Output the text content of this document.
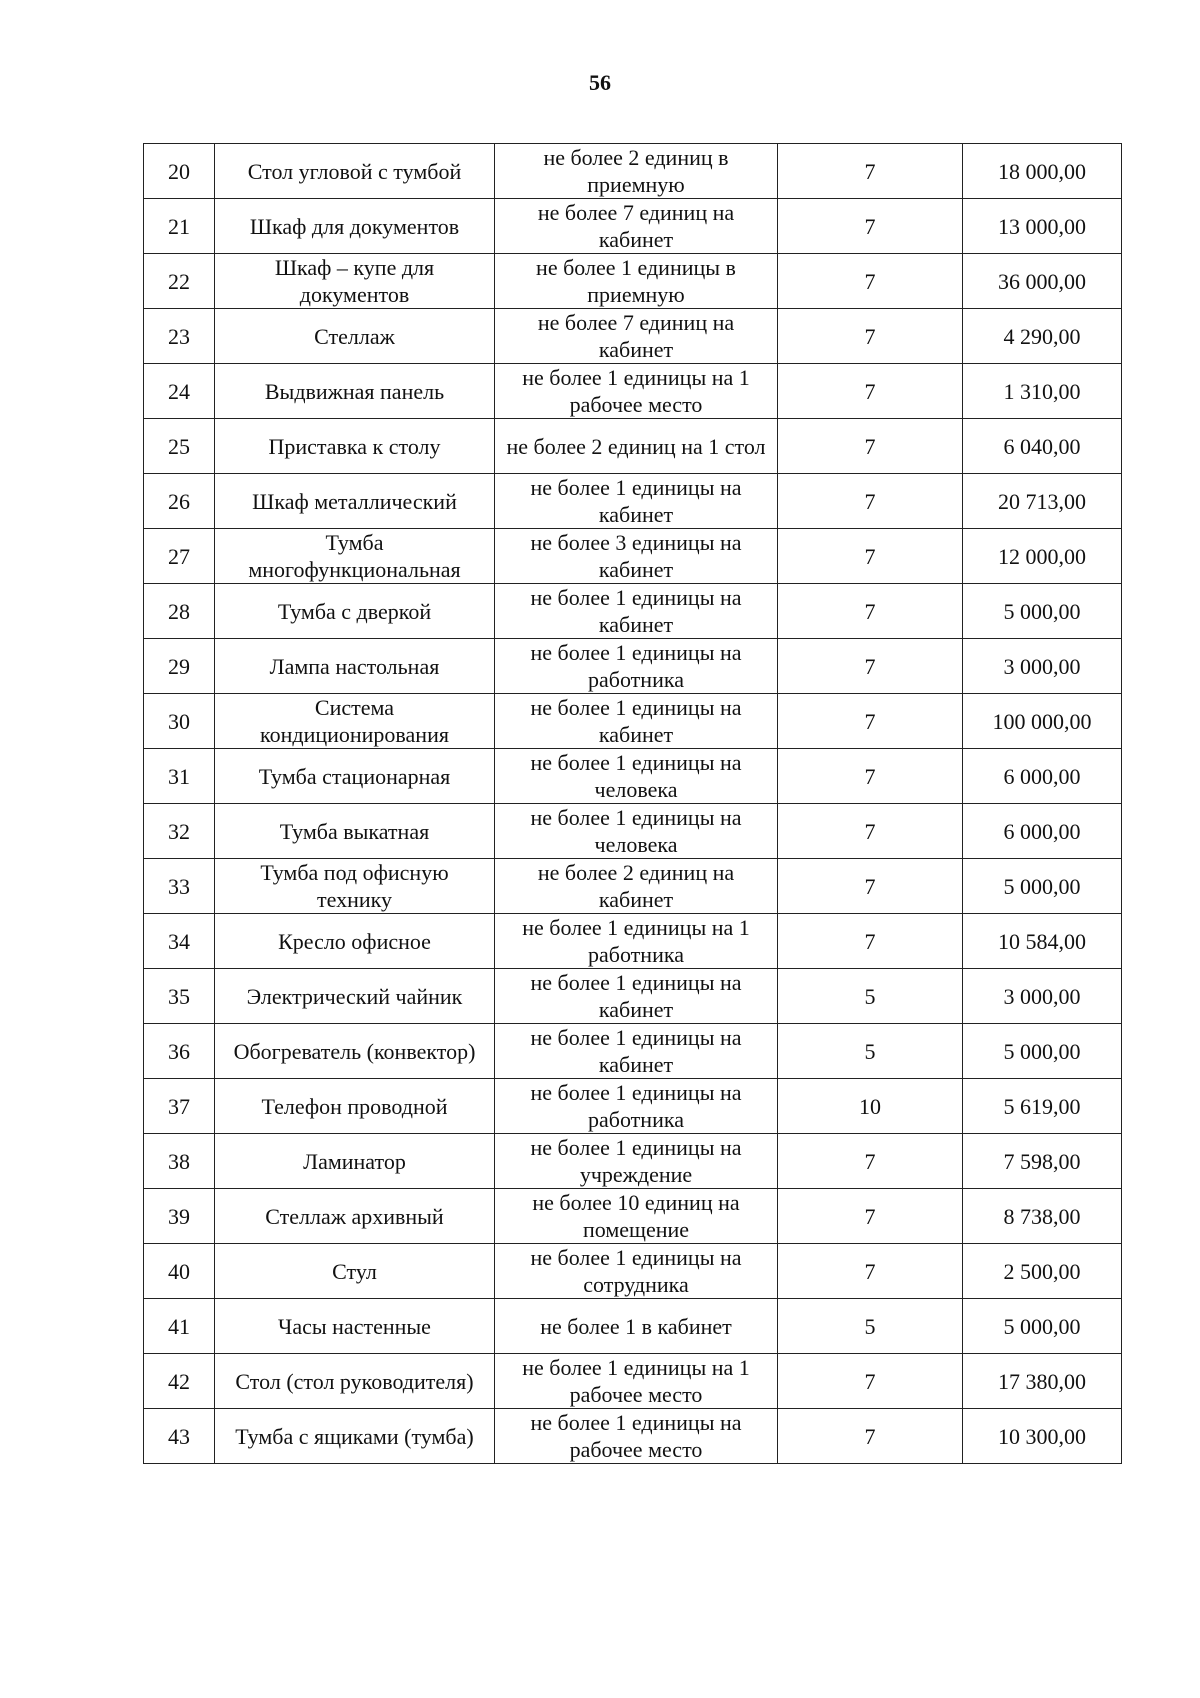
56
20	Стол угловой с тумбой	не более 2 единиц в приемную	7	18 000,00
21	Шкаф для документов	не более 7 единиц на кабинет	7	13 000,00
22	Шкаф – купе для документов	не более 1 единицы в приемную	7	36 000,00
23	Стеллаж	не более 7 единиц на кабинет	7	4 290,00
24	Выдвижная панель	не более 1 единицы на 1 рабочее место	7	1 310,00
25	Приставка к столу	не более 2 единиц на 1 стол	7	6 040,00
26	Шкаф металлический	не более 1 единицы на кабинет	7	20 713,00
27	Тумба многофункциональная	не более 3 единицы на кабинет	7	12 000,00
28	Тумба с дверкой	не более 1 единицы на кабинет	7	5 000,00
29	Лампа настольная	не более 1 единицы на работника	7	3 000,00
30	Система кондиционирования	не более 1 единицы на кабинет	7	100 000,00
31	Тумба стационарная	не более 1 единицы на человека	7	6 000,00
32	Тумба выкатная	не более 1 единицы на человека	7	6 000,00
33	Тумба под офисную технику	не более 2 единиц на кабинет	7	5 000,00
34	Кресло офисное	не более 1 единицы на 1 работника	7	10 584,00
35	Электрический чайник	не более 1 единицы на кабинет	5	3 000,00
36	Обогреватель (конвектор)	не более 1 единицы на кабинет	5	5 000,00
37	Телефон проводной	не более 1 единицы на работника	10	5 619,00
38	Ламинатор	не более 1 единицы на учреждение	7	7 598,00
39	Стеллаж архивный	не более 10 единиц на помещение	7	8 738,00
40	Стул	не более 1 единицы на сотрудника	7	2 500,00
41	Часы настенные	не более 1 в кабинет	5	5 000,00
42	Стол (стол руководителя)	не более 1 единицы на 1 рабочее место	7	17 380,00
43	Тумба с ящиками (тумба)	не более 1 единицы на рабочее место	7	10 300,00
